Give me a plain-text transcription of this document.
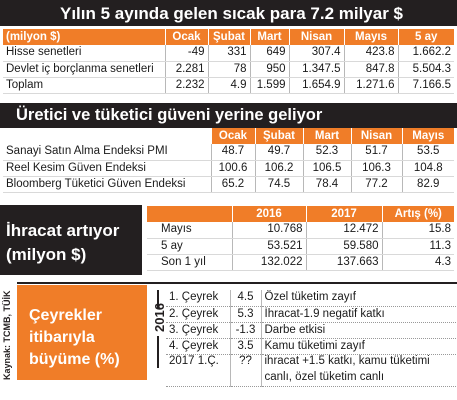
Yılın 5 ayında gelen sıcak para 7.2 milyar $
(milyon $)	Ocak	Şubat	Mart	Nisan	Mayıs	5 ay
Hisse senetleri	-49	331	649	307.4	423.8	1.662.2
Devlet iç borçlanma senetleri	2.281	78	950	1.347.5	847.8	5.504.3
Toplam	2.232	4.9	1.599	1.654.9	1.271.6	7.166.5
Üretici ve tüketici güveni yerine geliyor
	Ocak	Şubat	Mart	Nisan	Mayıs
Sanayi Satın Alma Endeksi PMI	48.7	49.7	52.3	51.7	53.5
Reel Kesim Güven Endeksi	100.6	106.2	106.5	106.3	104.8
Bloomberg Tüketici Güven Endeksi	65.2	74.5	78.4	77.2	82.9
İhracat artıyor
(milyon $)
	2016	2017	Artış (%)
Mayıs	10.768	12.472	15.8
5 ay	53.521	59.580	11.3
Son 1 yıl	132.022	137.663	4.3
Kaynak: TCMB, TÜİK Çeyrekler
itibarıyla
büyüme (%)
2016
1. Çeyrek	4.5	Özel tüketim zayıf
2. Çeyrek	5.3	İhracat-1.9 negatif katkı
3. Çeyrek	-1.3	Darbe etkisi
4. Çeyrek	3.5	Kamu tüketimi zayıf
2017 1.Ç.	??	ihracat +1.5 katkı, kamu tüketimi
canlı, özel tüketim canlı
